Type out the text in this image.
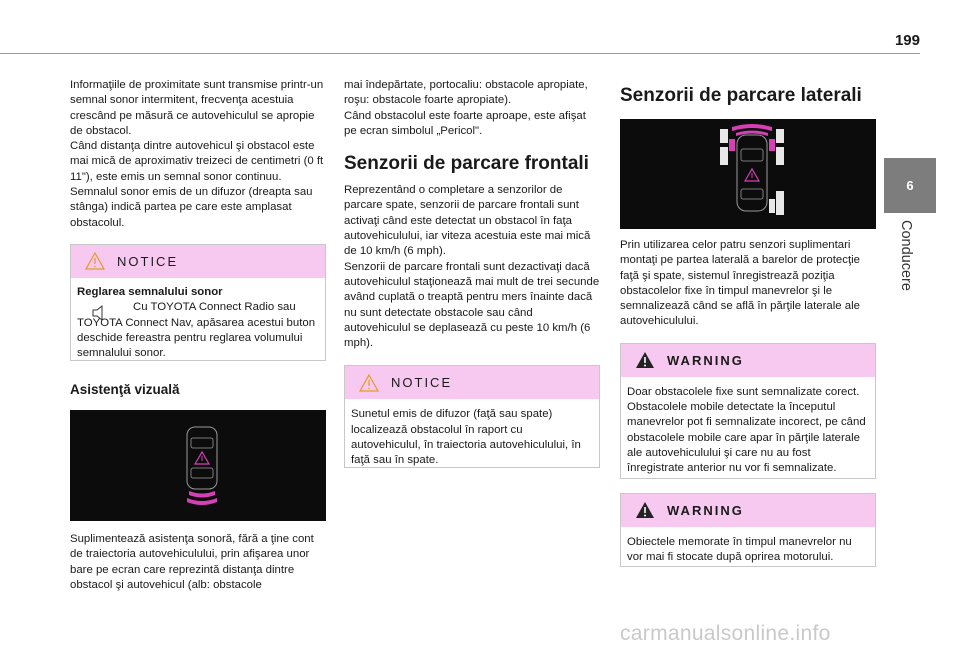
199
6
Conducere

Informaţiile de proximitate sunt transmise printr-un semnal sonor intermitent, frecvenţa acestuia crescând pe măsură ce autovehiculul se apropie de obstacol.

Când distanţa dintre autovehicul şi obstacol este mai mică de aproximativ treizeci de centimetri (0 ft 11"), este emis un semnal sonor continuu.

Semnalul sonor emis de un difuzor (dreapta sau stânga) indică partea pe care este amplasat obstacolul.

NOTICE
Reglarea semnalului sonor
Cu TOYOTA Connect Radio sau TOYOTA Connect Nav, apăsarea acestui buton deschide fereastra pentru reglarea volumului semnalului sonor.
Asistenţă vizuală

Suplimentează asistenţa sonoră, fără a ţine cont de traiectoria autovehiculului, prin afişarea unor bare pe ecran care reprezintă distanţa dintre obstacol şi autovehicul (alb: obstacole

mai îndepărtate, portocaliu: obstacole apropiate, roşu: obstacole foarte apropiate).

Când obstacolul este foarte aproape, este afişat pe ecran simbolul „Pericol".

Senzorii de parcare frontali

Reprezentând o completare a senzorilor de parcare spate, senzorii de parcare frontali sunt activaţi când este detectat un obstacol în faţa autovehiculului, iar viteza acestuia este mai mică de 10 km/h (6 mph).

Senzorii de parcare frontali sunt dezactivaţi dacă autovehiculul staţionează mai mult de trei secunde având cuplată o treaptă pentru mers înainte dacă nu sunt detectate obstacole sau când autovehiculul se deplasează cu peste 10 km/h (6 mph).

NOTICE
Sunetul emis de difuzor (faţă sau spate) localizează obstacolul în raport cu autovehiculul, în traiectoria autovehiculului, în faţă sau în spate.
Senzorii de parcare laterali

Prin utilizarea celor patru senzori suplimentari montaţi pe partea laterală a barelor de protecţie faţă şi spate, sistemul înregistrează poziţia obstacolelor fixe în timpul manevrelor şi le semnalizează când se află în părţile laterale ale autovehiculului.

WARNING
Doar obstacolele fixe sunt semnalizate corect. Obstacolele mobile detectate la începutul manevrelor pot fi semnalizate incorect, pe când obstacolele mobile care apar în părţile laterale ale autovehiculului şi care nu au fost înregistrate anterior nu vor fi semnalizate.
WARNING
Obiectele memorate în timpul manevrelor nu vor mai fi stocate după oprirea motorului.
carmanualsonline.info
